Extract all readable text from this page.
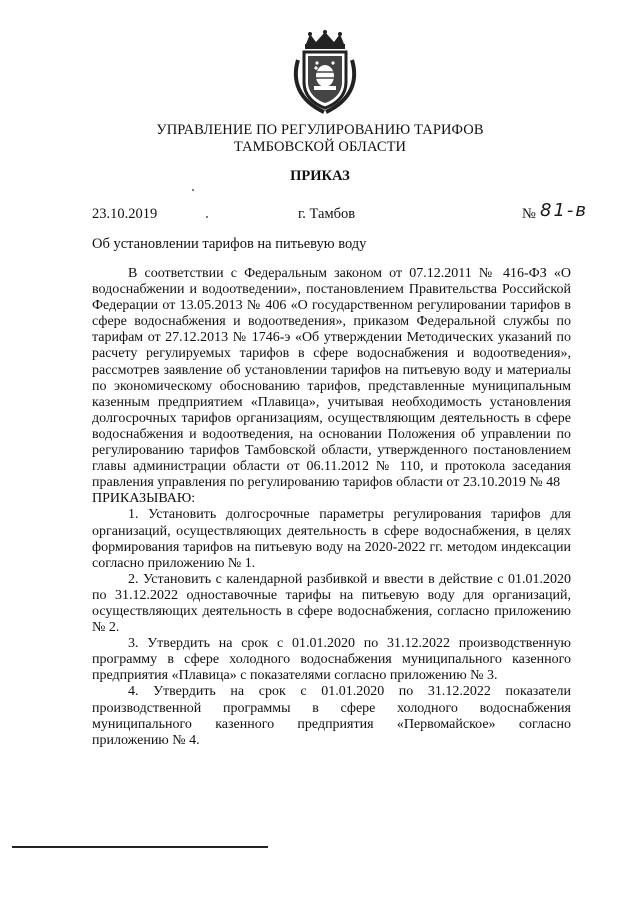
УПРАВЛЕНИЕ ПО РЕГУЛИРОВАНИЮ ТАРИФОВ
ТАМБОВСКОЙ ОБЛАСТИ
ПРИКАЗ
23.10.2019	г. Тамбов	№ 81-в
Об установлении тарифов на питьевую воду

В соответствии с Федеральным законом от 07.12.2011 № 416-ФЗ «О водоснабжении и водоотведении», постановлением Правительства Российской Федерации от 13.05.2013 № 406 «О государственном регулировании тарифов в сфере водоснабжения и водоотведения», приказом Федеральной службы по тарифам от 27.12.2013 № 1746-э «Об утверждении Методических указаний по расчету регулируемых тарифов в сфере водоснабжения и водоотведения», рассмотрев заявление об установлении тарифов на питьевую воду и материалы по экономическому обоснованию тарифов, представленные муниципальным казенным предприятием «Плавица», учитывая необходимость установления долгосрочных тарифов организациям, осуществляющим деятельность в сфере водоснабжения и водоотведения, на основании Положения об управлении по регулированию тарифов Тамбовской области, утвержденного постановлением главы администрации области от 06.11.2012 № 110, и протокола заседания правления управления по регулированию тарифов области от 23.10.2019 № 48

ПРИКАЗЫВАЮ:

1. Установить долгосрочные параметры регулирования тарифов для организаций, осуществляющих деятельность в сфере водоснабжения, в целях формирования тарифов на питьевую воду на 2020-2022 гг. методом индексации согласно приложению № 1.

2. Установить с календарной разбивкой и ввести в действие с 01.01.2020 по 31.12.2022 одноставочные тарифы на питьевую воду для организаций, осуществляющих деятельность в сфере водоснабжения, согласно приложению № 2.

3. Утвердить на срок с 01.01.2020 по 31.12.2022 производственную программу в сфере холодного водоснабжения муниципального казенного предприятия «Плавица» с показателями согласно приложению № 3.

4. Утвердить на срок с 01.01.2020 по 31.12.2022 показатели производственной программы в сфере холодного водоснабжения муниципального казенного предприятия «Первомайское» согласно приложению № 4.
